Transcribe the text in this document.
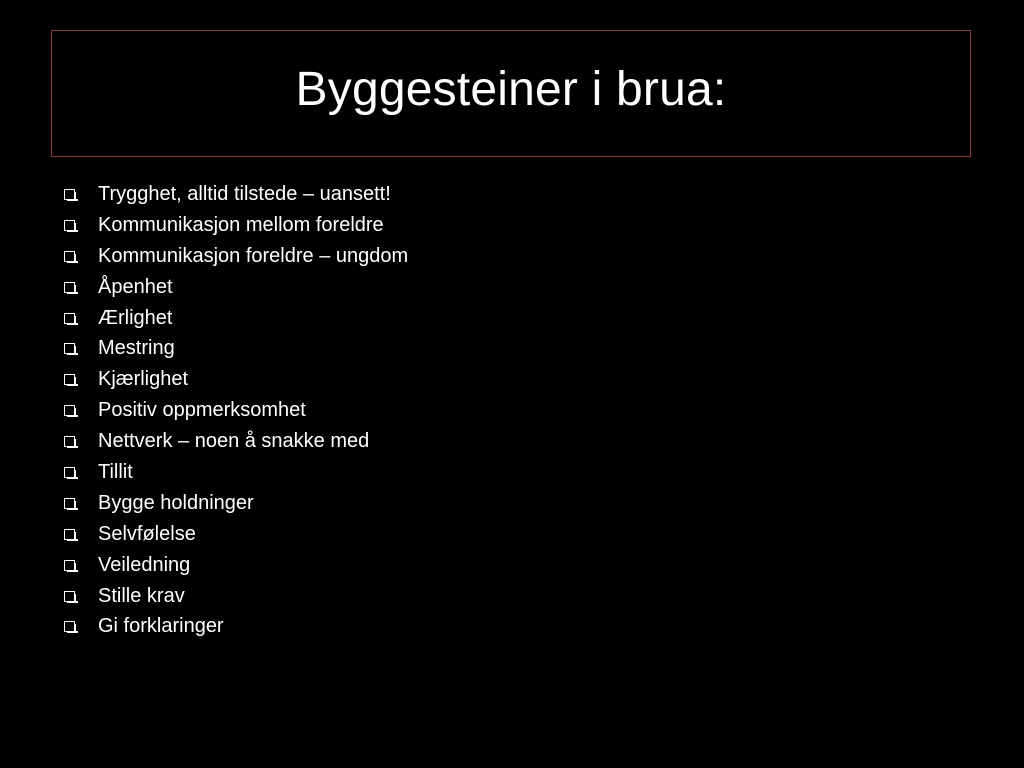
Byggesteiner i brua:
Trygghet, alltid tilstede – uansett!
Kommunikasjon mellom foreldre
Kommunikasjon foreldre – ungdom
Åpenhet
Ærlighet
Mestring
Kjærlighet
Positiv oppmerksomhet
Nettverk – noen å snakke med
Tillit
Bygge holdninger
Selvfølelse
Veiledning
Stille krav
Gi forklaringer
